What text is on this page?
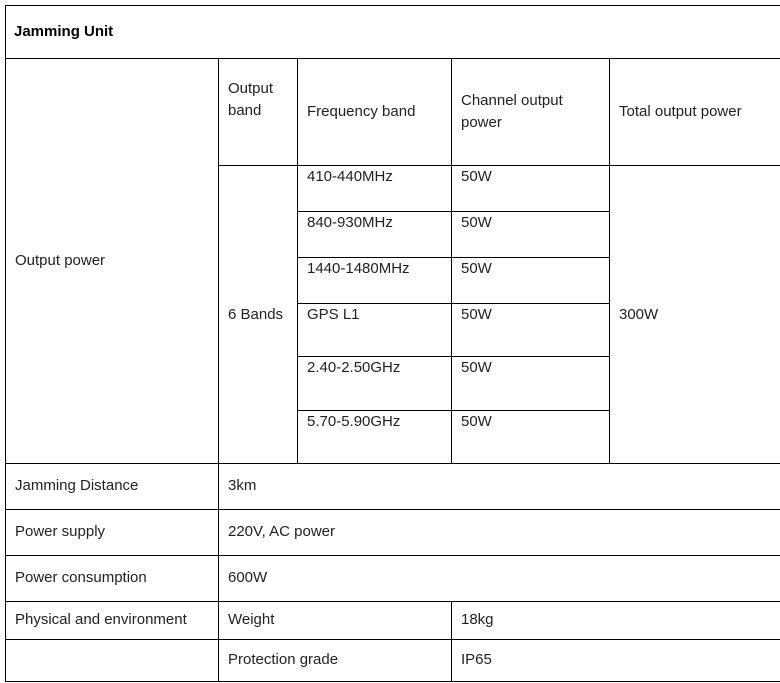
Jamming Unit				
Output power	Output band	Frequency band	Channel output power	Total output power

	6 Bands	410-440MHz	50W	300W
		840-930MHz	50W	
		1440-1480MHz	50W	
		GPS L1	50W	
		2.40-2.50GHz	50W	
		5.70-5.90GHz	50W	
Jamming Distance	3km			
Power supply	220V, AC power			
Power consumption	600W			
Physical and environment	Weight		18kg	
	Protection grade		IP65	
